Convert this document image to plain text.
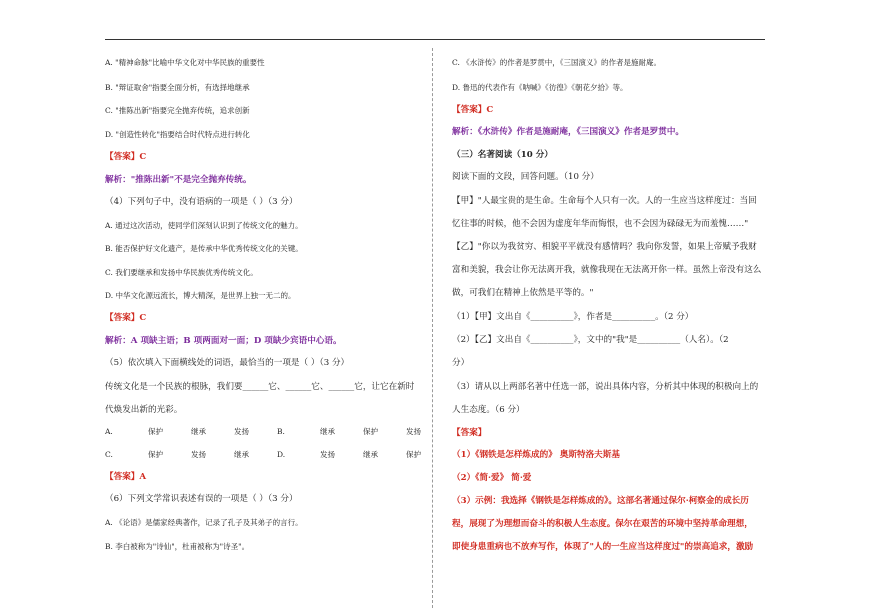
A. "精神命脉"比喻中华文化对中华民族的重要性
B. "辩证取舍"指要全面分析，有选择地继承
C. "推陈出新"指要完全抛弃传统，追求创新
D. "创造性转化"指要结合时代特点进行转化
【答案】C
解析："推陈出新"不是完全抛弃传统。
（4）下列句子中，没有语病的一项是（ ）（3 分）
A. 通过这次活动，使同学们深刻认识到了传统文化的魅力。
B. 能否保护好文化遗产，是传承中华优秀传统文化的关键。
C. 我们要继承和发扬中华民族优秀传统文化。
D. 中华文化源远流长，博大精深，是世界上独一无二的。
【答案】C
解析：A 项缺主语；B 项两面对一面；D 项缺少宾语中心语。
（5）依次填入下面横线处的词语，最恰当的一项是（ ）（3 分）
传统文化是一个民族的根脉，我们要______它、______它、______它，让它在新时
代焕发出新的光彩。
A.	保护	继承	发扬	B.	继承	保护	发扬
C.	保护	发扬	继承	D.	发扬	继承	保护
【答案】A
（6）下列文学常识表述有误的一项是（ ）（3 分）
A. 《论语》是儒家经典著作，记录了孔子及其弟子的言行。
B. 李白被称为"诗仙"，杜甫被称为"诗圣"。
C. 《水浒传》的作者是罗贯中，《三国演义》的作者是施耐庵。
D. 鲁迅的代表作有《呐喊》《彷徨》《朝花夕拾》等。
【答案】C
解析：《水浒传》作者是施耐庵，《三国演义》作者是罗贯中。
（三）名著阅读（10 分）
阅读下面的文段，回答问题。（10 分）
【甲】"人最宝贵的是生命。生命每个人只有一次。人的一生应当这样度过：当回
忆往事的时候，他不会因为虚度年华而悔恨，也不会因为碌碌无为而羞愧……"
【乙】"你以为我贫穷、相貌平平就没有感情吗？我向你发誓，如果上帝赋予我财
富和美貌，我会让你无法离开我，就像我现在无法离开你一样。虽然上帝没有这么
做，可我们在精神上依然是平等的。"
（1）【甲】文出自《__________》，作者是__________。（2 分）
（2）【乙】文出自《__________》，文中的"我"是__________（人名）。（2
分）
（3）请从以上两部名著中任选一部，说出具体内容，分析其中体现的积极向上的
人生态度。（6 分）
【答案】
（1）《钢铁是怎样炼成的》 奥斯特洛夫斯基
（2）《简·爱》 简·爱
（3）示例：我选择《钢铁是怎样炼成的》。这部名著通过保尔·柯察金的成长历
程，展现了为理想而奋斗的积极人生态度。保尔在艰苦的环境中坚持革命理想，
即使身患重病也不放弃写作，体现了"人的一生应当这样度过"的崇高追求，激励
